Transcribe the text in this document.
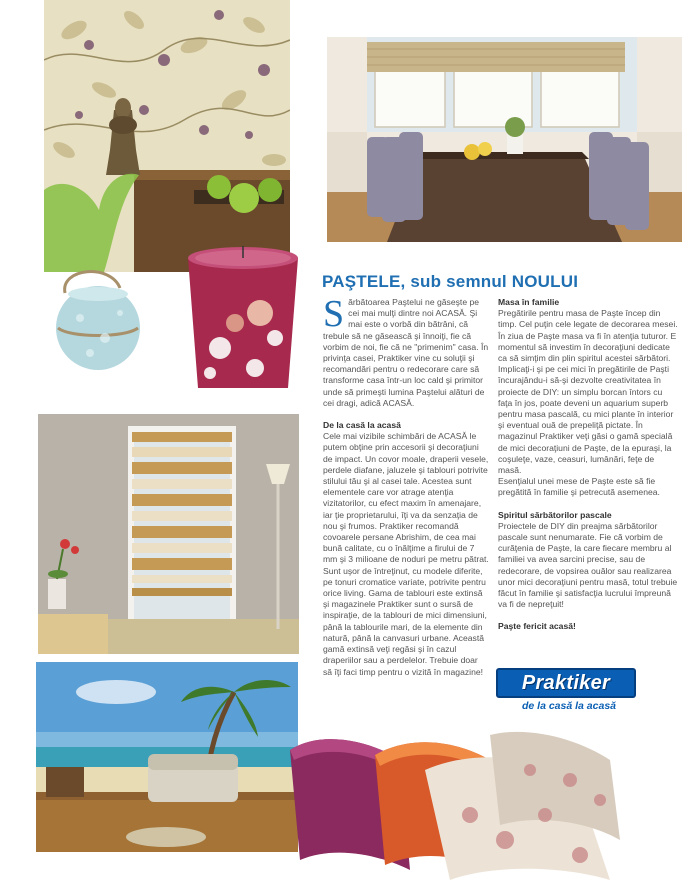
PAŞTELE, sub semnul NOULUI

Sărbătoarea Paştelui ne găseşte pe cei mai mulţi dintre noi ACASĂ. Şi mai este o vorbă din bătrâni, că trebule să ne găsească şi înnoiţi, fie că vorbim de noi, fie că ne "primenim" casa. În privinţa casei, Praktiker vine cu soluţii şi recomandări pentru o redecorare care să transforme casa într-un loc cald şi primitor unde să primeşti lumina Paştelui alături de cei dragi, adică ACASĂ.

De la casă la acasă

Cele mai vizibile schimbări de ACASĂ le putem obţine prin accesorii şi decoraţiuni de impact. Un covor moale, draperii vesele, perdele diafane, jaluzele şi tablouri potrivite stilului tău şi al casei tale. Acestea sunt elementele care vor atrage atenţia vizitatorilor, cu efect maxim în amenajare, iar ţie proprietarului, îţi va da senzaţia de nou şi frumos. Praktiker recomandă covoarele persane Abrishim, de cea mai bună calitate, cu o înălţime a firului de 7 mm şi 3 milioane de noduri pe metru pătrat. Sunt uşor de întreţinut, cu modele diferite, pe tonuri cromatice variate, potrivite pentru orice living. Gama de tablouri este extinsă şi magazinele Praktiker sunt o sursă de inspiraţie, de la tablouri de mici dimensiuni, până la tablourile mari, de la elemente din natură, până la canvasuri urbane. Această gamă extinsă veţi regăsi şi în cazul draperiilor sau a perdelelor. Trebuie doar să îţi faci timp pentru o vizită în magazine!

Masa în familie

Pregătirile pentru masa de Paşte încep din timp. Cel puţin cele legate de decorarea mesei. În ziua de Paşte masa va fi în atenţia tuturor. E momentul să investim în decoraţiuni dedicate ca să simţim din plin spiritul acestei sărbători. Implicaţi-i şi pe cei mici în pregătirile de Paşti încurajându-i să-şi dezvolte creativitatea în proiecte de DIY: un simplu borcan întors cu faţa în jos, poate deveni un aquarium superb pentru masa pascală, cu mici plante în interior şi eventual ouă de prepeliţă pictate. În magazinul Praktiker veţi găsi o gamă specială de mici decoraţiuni de Paşte, de la epuraşi, la coşuleţe, vaze, ceasuri, lumânări, feţe de masă.

Esenţialul unei mese de Paşte este să fie pregătită în familie şi petrecută asemenea.

Spiritul sărbătorilor pascale

Proiectele de DIY din preajma sărbătorilor pascale sunt nenumarate. Fie că vorbim de curăţenia de Paşte, la care fiecare membru al familiei va avea sarcini precise, sau de redecorare, de vopsirea ouălor sau realizarea unor mici decoraţiuni pentru masă, totul trebuie făcut în familie şi satisfacţia lucrului împreună va fi de nepreţuit!

Paşte fericit acasă!

Praktiker
de la casă la acasă
